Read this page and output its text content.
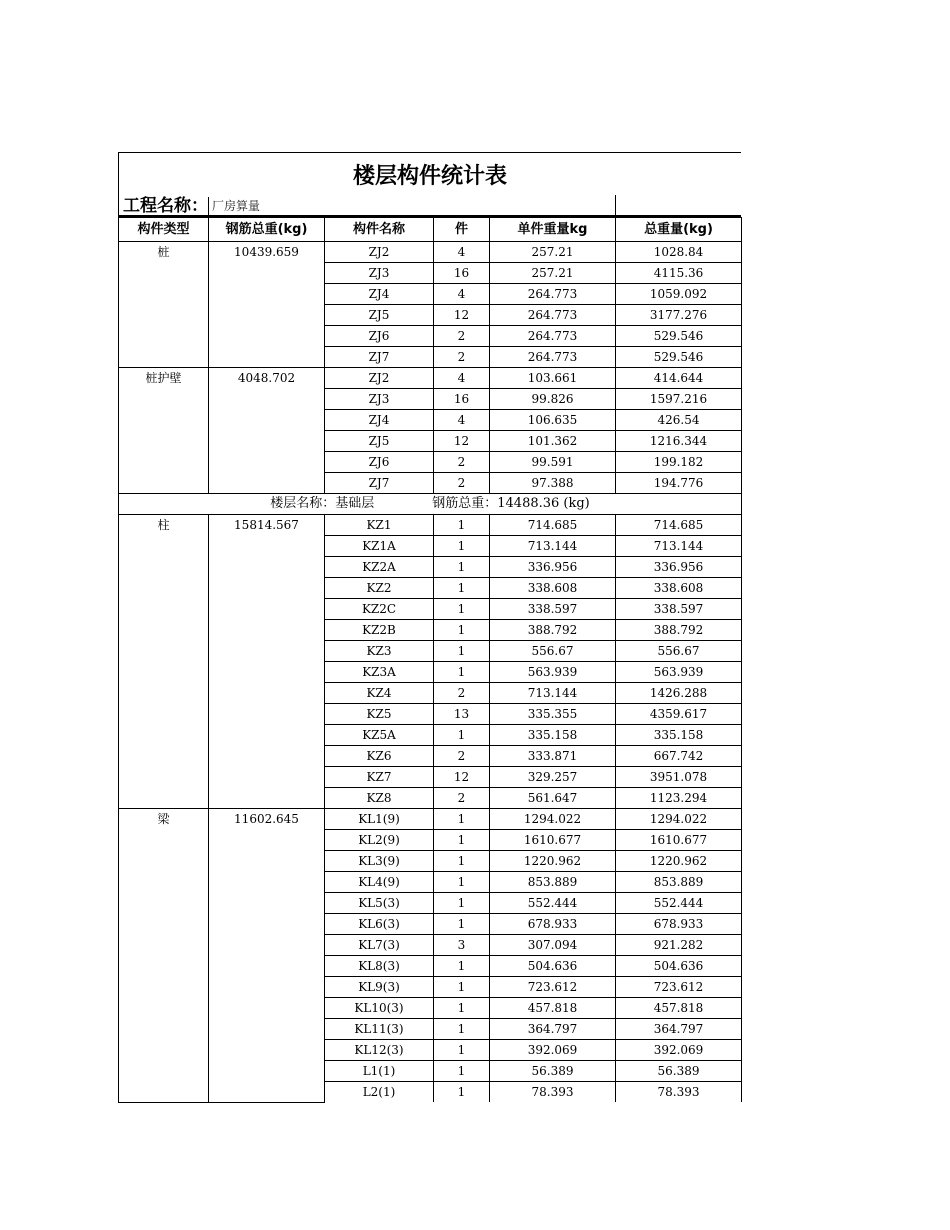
楼层构件统计表
工程名称： 厂房算量
构件类型	钢筋总重(kg)	构件名称	件	单件重量kg	总重量(kg)
桩	10439.659	ZJ2	4	257.21	1028.84
		ZJ3	16	257.21	4115.36
		ZJ4	4	264.773	1059.092
		ZJ5	12	264.773	3177.276
		ZJ6	2	264.773	529.546
		ZJ7	2	264.773	529.546
桩护壁	4048.702	ZJ2	4	103.661	414.644
		ZJ3	16	99.826	1597.216
		ZJ4	4	106.635	426.54
		ZJ5	12	101.362	1216.344
		ZJ6	2	99.591	199.182
		ZJ7	2	97.388	194.776
楼层名称：基础层 钢筋总重：14488.36 (kg)					
柱	15814.567	KZ1	1	714.685	714.685
		KZ1A	1	713.144	713.144
		KZ2A	1	336.956	336.956
		KZ2	1	338.608	338.608
		KZ2C	1	338.597	338.597
		KZ2B	1	388.792	388.792
		KZ3	1	556.67	556.67
		KZ3A	1	563.939	563.939
		KZ4	2	713.144	1426.288
		KZ5	13	335.355	4359.617
		KZ5A	1	335.158	335.158
		KZ6	2	333.871	667.742
		KZ7	12	329.257	3951.078
		KZ8	2	561.647	1123.294
梁	11602.645	KL1(9)	1	1294.022	1294.022
		KL2(9)	1	1610.677	1610.677
		KL3(9)	1	1220.962	1220.962
		KL4(9)	1	853.889	853.889
		KL5(3)	1	552.444	552.444
		KL6(3)	1	678.933	678.933
		KL7(3)	3	307.094	921.282
		KL8(3)	1	504.636	504.636
		KL9(3)	1	723.612	723.612
		KL10(3)	1	457.818	457.818
		KL11(3)	1	364.797	364.797
		KL12(3)	1	392.069	392.069
		L1(1)	1	56.389	56.389
		L2(1)	1	78.393	78.393
